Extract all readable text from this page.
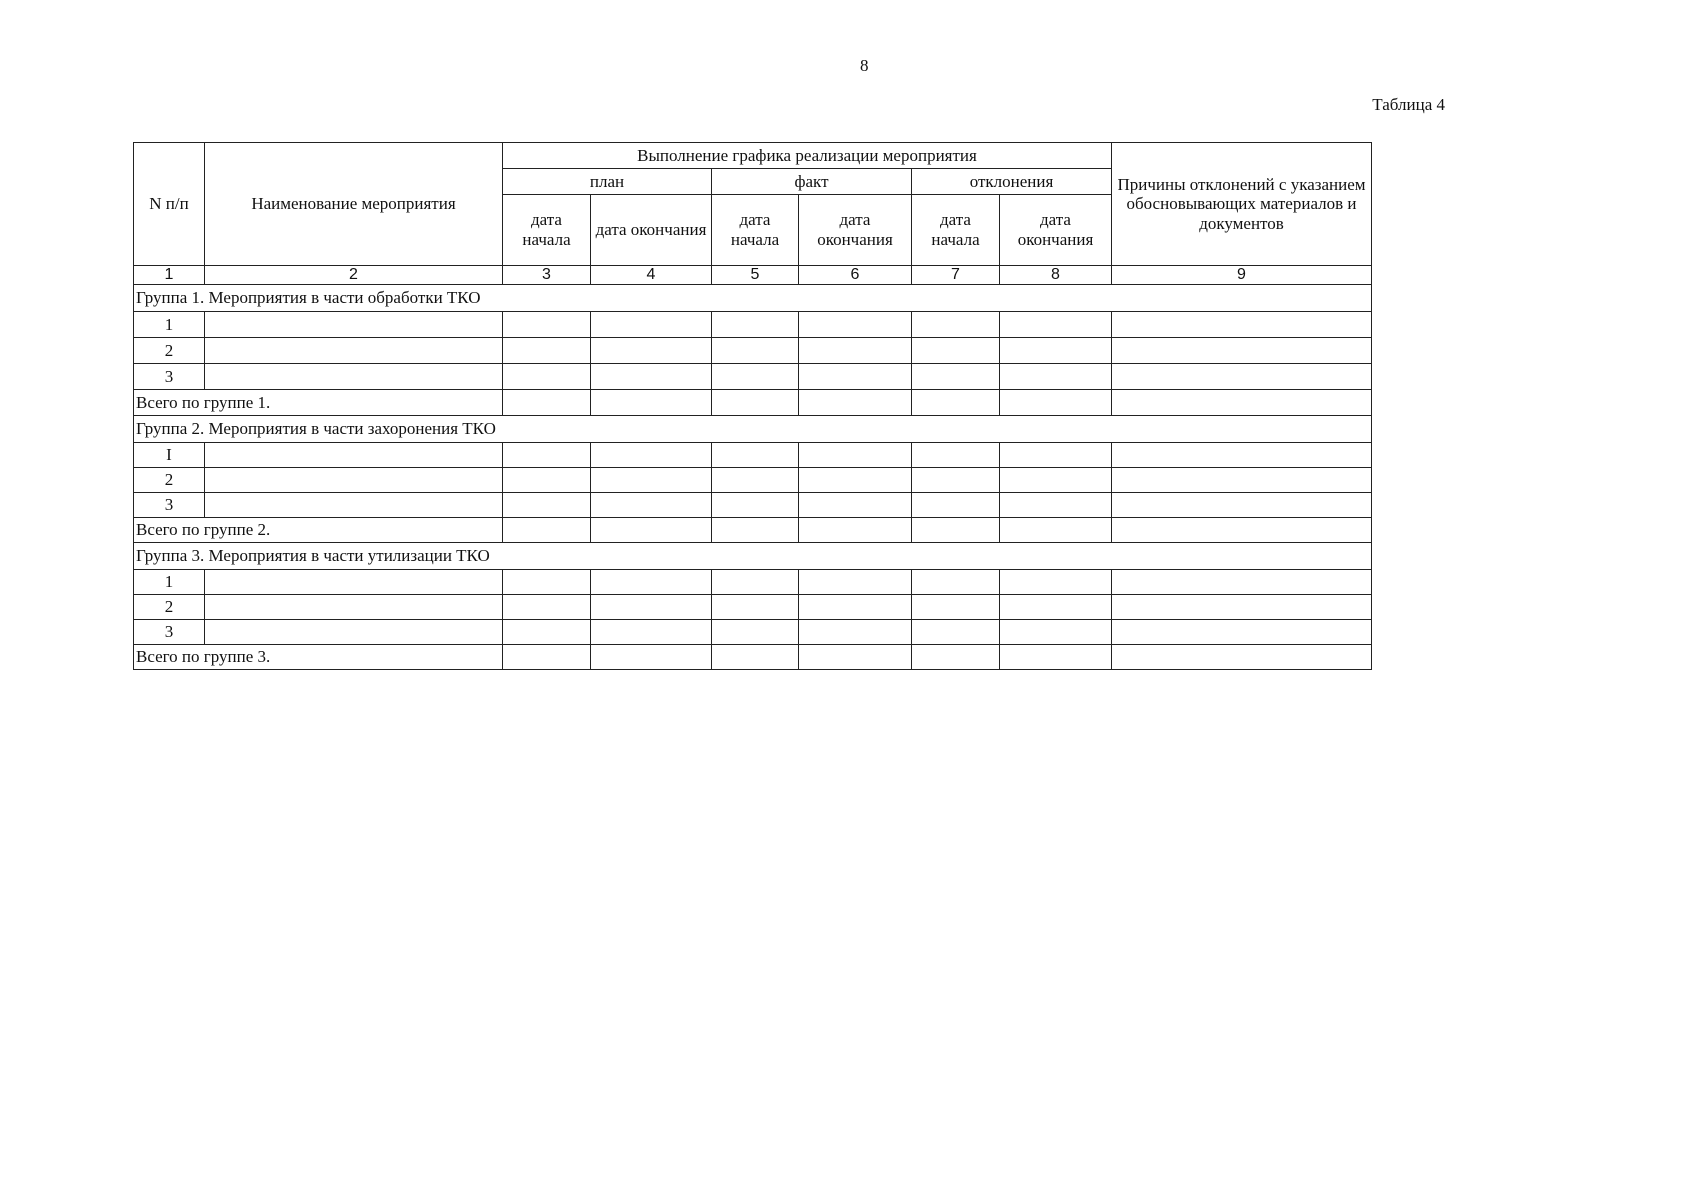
8
Таблица 4
N п/п	Наименование мероприятия	Выполнение графика реализации мероприятия						Причины отклонений с указанием обосновывающих материалов и документов
		план		факт		отклонения		
		дата начала	дата окончания	дата начала	дата окончания	дата начала	дата окончания	
1	2	3	4	5	6	7	8	9
Группа 1. Мероприятия в части обработки ТКО								
1								
2								
3								
Всего по группе 1.								
Группа 2. Мероприятия в части захоронения ТКО								
I								
2								
3								
Всего по группе 2.								
Группа 3. Мероприятия в части утилизации ТКО								
1								
2								
3								
Всего по группе 3.								
